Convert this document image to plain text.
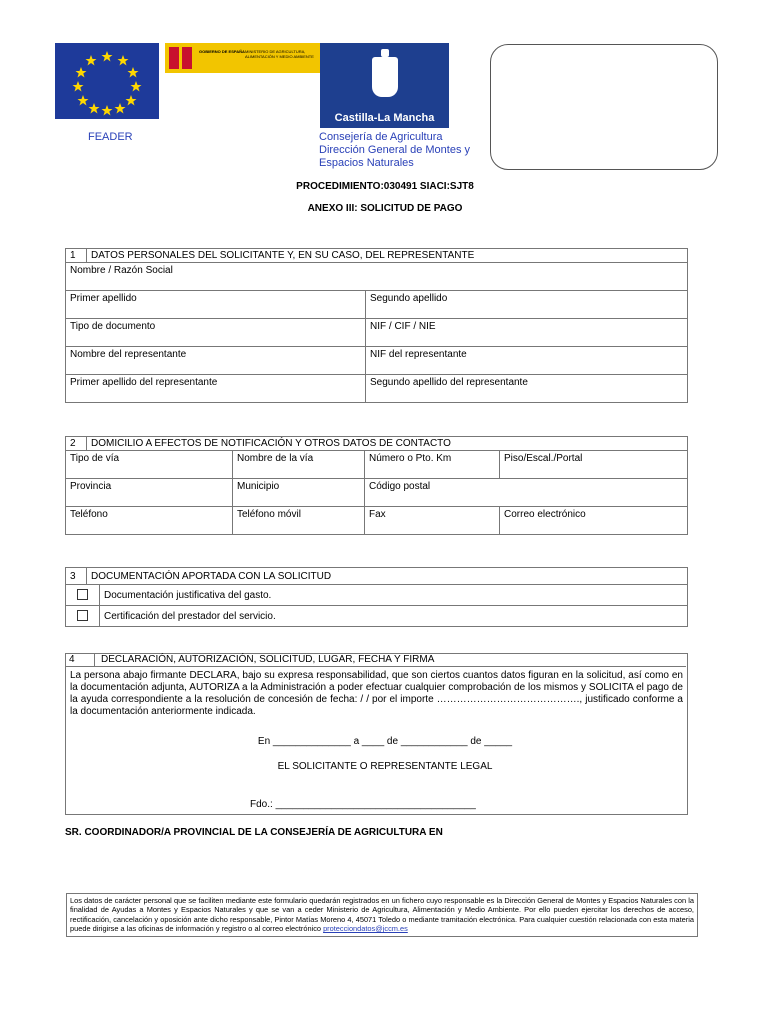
GOBIERNO DE ESPAÑA MINISTERIO DE AGRICULTURA, ALIMENTACIÓN Y MEDIO AMBIENTE
Castilla-La Mancha
FEADER	Consejería de Agricultura
Dirección General de Montes y
Espacios Naturales
PROCEDIMIENTO:030491 SIACI:SJT8
ANEXO III: SOLICITUD DE PAGO
1	DATOS PERSONALES DEL SOLICITANTE Y, EN SU CASO, DEL REPRESENTANTE	
Nombre / Razón Social		
Primer apellido		Segundo apellido
Tipo de documento		NIF / CIF / NIE
Nombre del representante		NIF del representante
Primer apellido del representante		Segundo apellido del representante
2	DOMICILIO A EFECTOS DE NOTIFICACIÓN Y OTROS DATOS DE CONTACTO			
Tipo de vía		Nombre de la vía	Número o Pto. Km	Piso/Escal./Portal
Provincia		Municipio	Código postal	
Teléfono		Teléfono móvil	Fax	Correo electrónico
3	DOCUMENTACIÓN APORTADA CON LA SOLICITUD	
		Documentación justificativa del gasto.
		Certificación del prestador del servicio.
4	DECLARACIÓN, AUTORIZACIÓN, SOLICITUD, LUGAR, FECHA Y FIRMA
La persona abajo firmante DECLARA, bajo su expresa responsabilidad, que son ciertos cuantos datos figuran en la solicitud, así como en la documentación adjunta, AUTORIZA a la Administración a poder efectuar cualquier comprobación de los mismos y SOLICITA el pago de la ayuda correspondiente a la resolución de concesión de fecha: / / por el importe ……………………………………., justificado conforme a la documentación anteriormente indicada.
En ______________ a ____ de ____________ de _____
EL SOLICITANTE O REPRESENTANTE LEGAL
Fdo.: ____________________________________
SR. COORDINADOR/A PROVINCIAL DE LA CONSEJERÍA DE AGRICULTURA EN
Los datos de carácter personal que se faciliten mediante este formulario quedarán registrados en un fichero cuyo responsable es la Dirección General de Montes y Espacios Naturales con la finalidad de Ayudas a Montes y Espacios Naturales y que se van a ceder Ministerio de Agricultura, Alimentación y Medio Ambiente. Por ello pueden ejercitar los derechos de acceso, rectificación, cancelación y oposición ante dicho responsable, Pintor Matías Moreno 4, 45071 Toledo o mediante tramitación electrónica. Para cualquier cuestión relacionada con esta materia puede dirigirse a las oficinas de información y registro o al correo electrónico protecciondatos@jccm.es
